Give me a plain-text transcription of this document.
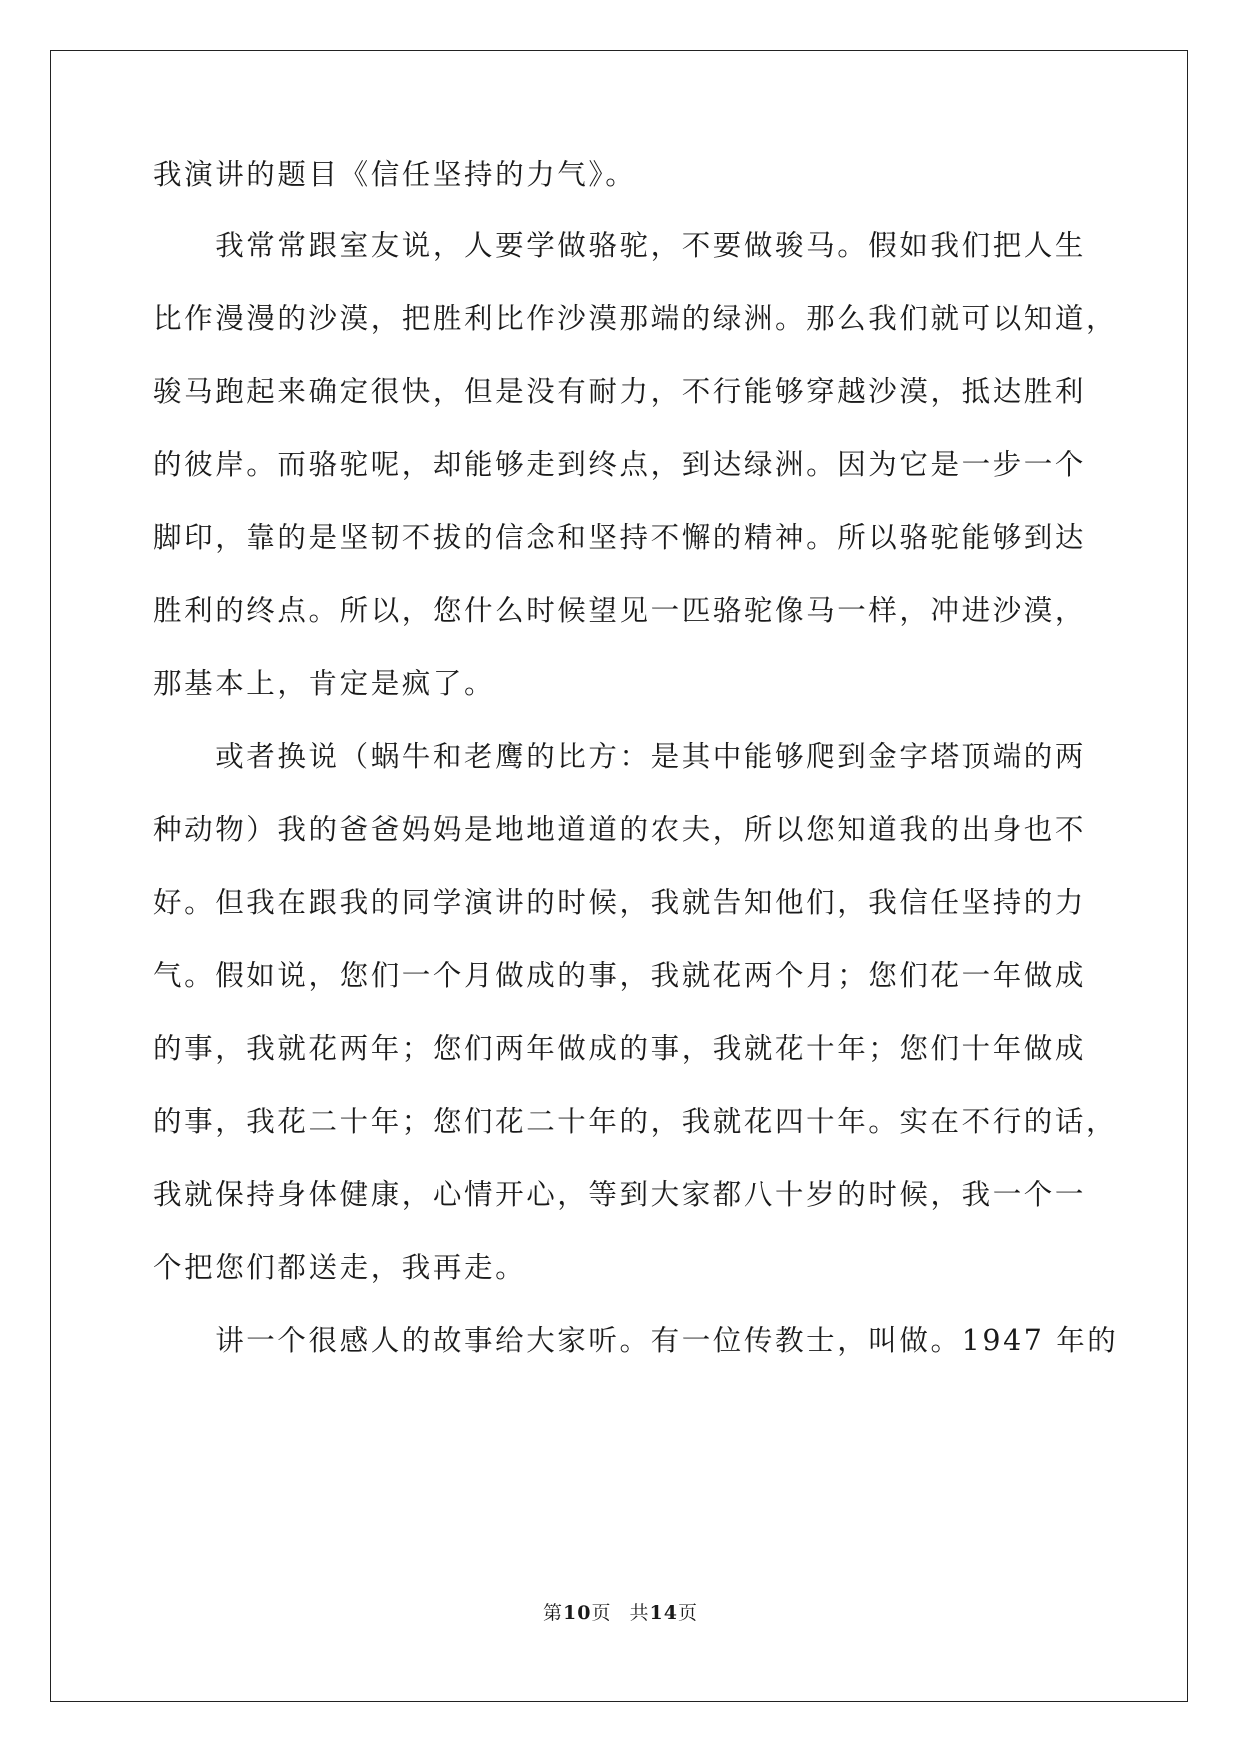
我演讲的题目《信任坚持的力气》。
　　我常常跟室友说，人要学做骆驼，不要做骏马。假如我们把人生
比作漫漫的沙漠，把胜利比作沙漠那端的绿洲。那么我们就可以知道，
骏马跑起来确定很快，但是没有耐力，不行能够穿越沙漠，抵达胜利
的彼岸。而骆驼呢，却能够走到终点，到达绿洲。因为它是一步一个
脚印，靠的是坚韧不拔的信念和坚持不懈的精神。所以骆驼能够到达
胜利的终点。所以，您什么时候望见一匹骆驼像马一样，冲进沙漠，
那基本上，肯定是疯了。
　　或者换说（蜗牛和老鹰的比方：是其中能够爬到金字塔顶端的两
种动物）我的爸爸妈妈是地地道道的农夫，所以您知道我的出身也不
好。但我在跟我的同学演讲的时候，我就告知他们，我信任坚持的力
气。假如说，您们一个月做成的事，我就花两个月；您们花一年做成
的事，我就花两年；您们两年做成的事，我就花十年；您们十年做成
的事，我花二十年；您们花二十年的，我就花四十年。实在不行的话，
我就保持身体健康，心情开心，等到大家都八十岁的时候，我一个一
个把您们都送走，我再走。
　　讲一个很感人的故事给大家听。有一位传教士，叫做。1947 年的
第10页 共14页
